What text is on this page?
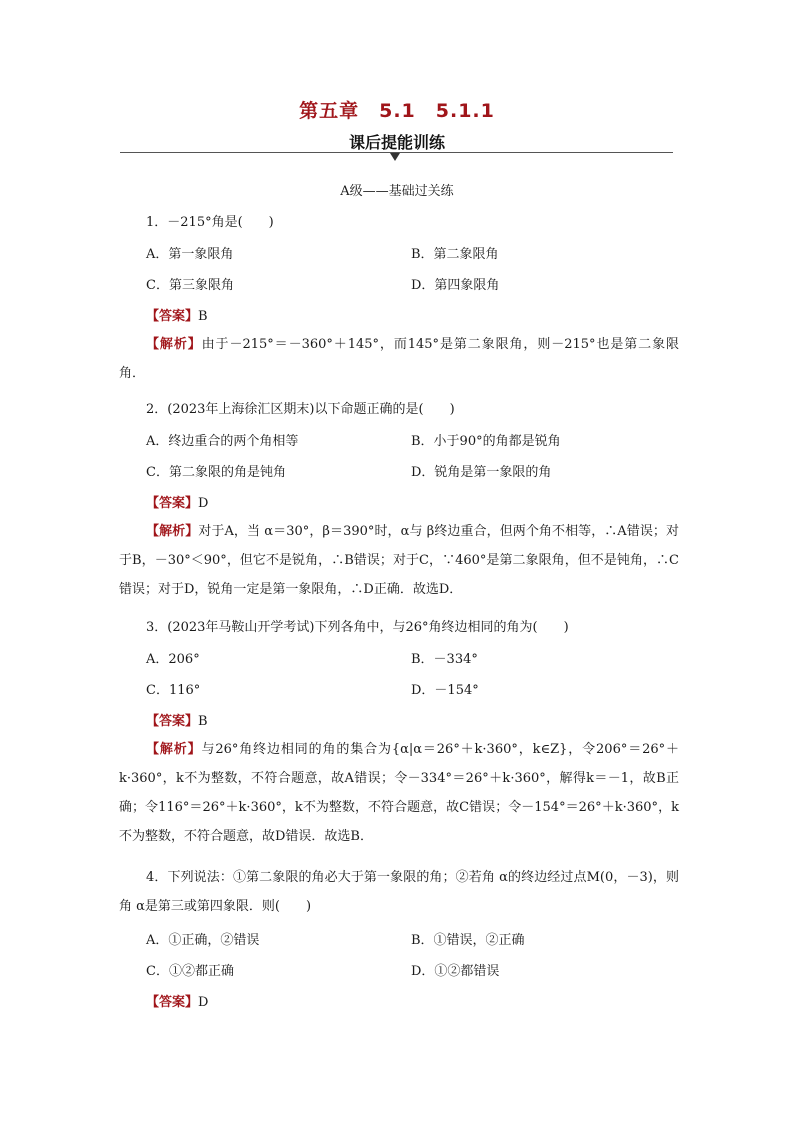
第五章　5.1　5.1.1
课后提能训练
A级——基础过关练
1．－215°角是(　　)
A．第一象限角	B．第二象限角
C．第三象限角	D．第四象限角
【答案】B
【解析】由于－215°＝－360°＋145°，而145°是第二象限角，则－215°也是第二象限角．
2．(2023年上海徐汇区期末)以下命题正确的是(　　)
A．终边重合的两个角相等	B．小于90°的角都是锐角
C．第二象限的角是钝角	D．锐角是第一象限的角
【答案】D
【解析】对于A，当 α＝30°，β＝390°时，α与 β终边重合，但两个角不相等，∴A错误；对于B，－30°＜90°，但它不是锐角，∴B错误；对于C，∵460°是第二象限角，但不是钝角，∴C错误；对于D，锐角一定是第一象限角，∴D正确．故选D．
3．(2023年马鞍山开学考试)下列各角中，与26°角终边相同的角为(　　)
A．206°	B．－334°
C．116°	D．－154°
【答案】B
【解析】与26°角终边相同的角的集合为{α|α＝26°＋k·360°，k∈Z}，令206°＝26°＋k·360°，k不为整数，不符合题意，故A错误；令－334°＝26°＋k·360°，解得k＝－1，故B正确；令116°＝26°＋k·360°，k不为整数，不符合题意，故C错误；令－154°＝26°＋k·360°，k不为整数，不符合题意，故D错误．故选B．
4．下列说法：①第二象限的角必大于第一象限的角；②若角 α的终边经过点M(0，－3)，则角 α是第三或第四象限．则(　　)
A．①正确，②错误	B．①错误，②正确
C．①②都正确	D．①②都错误
【答案】D
